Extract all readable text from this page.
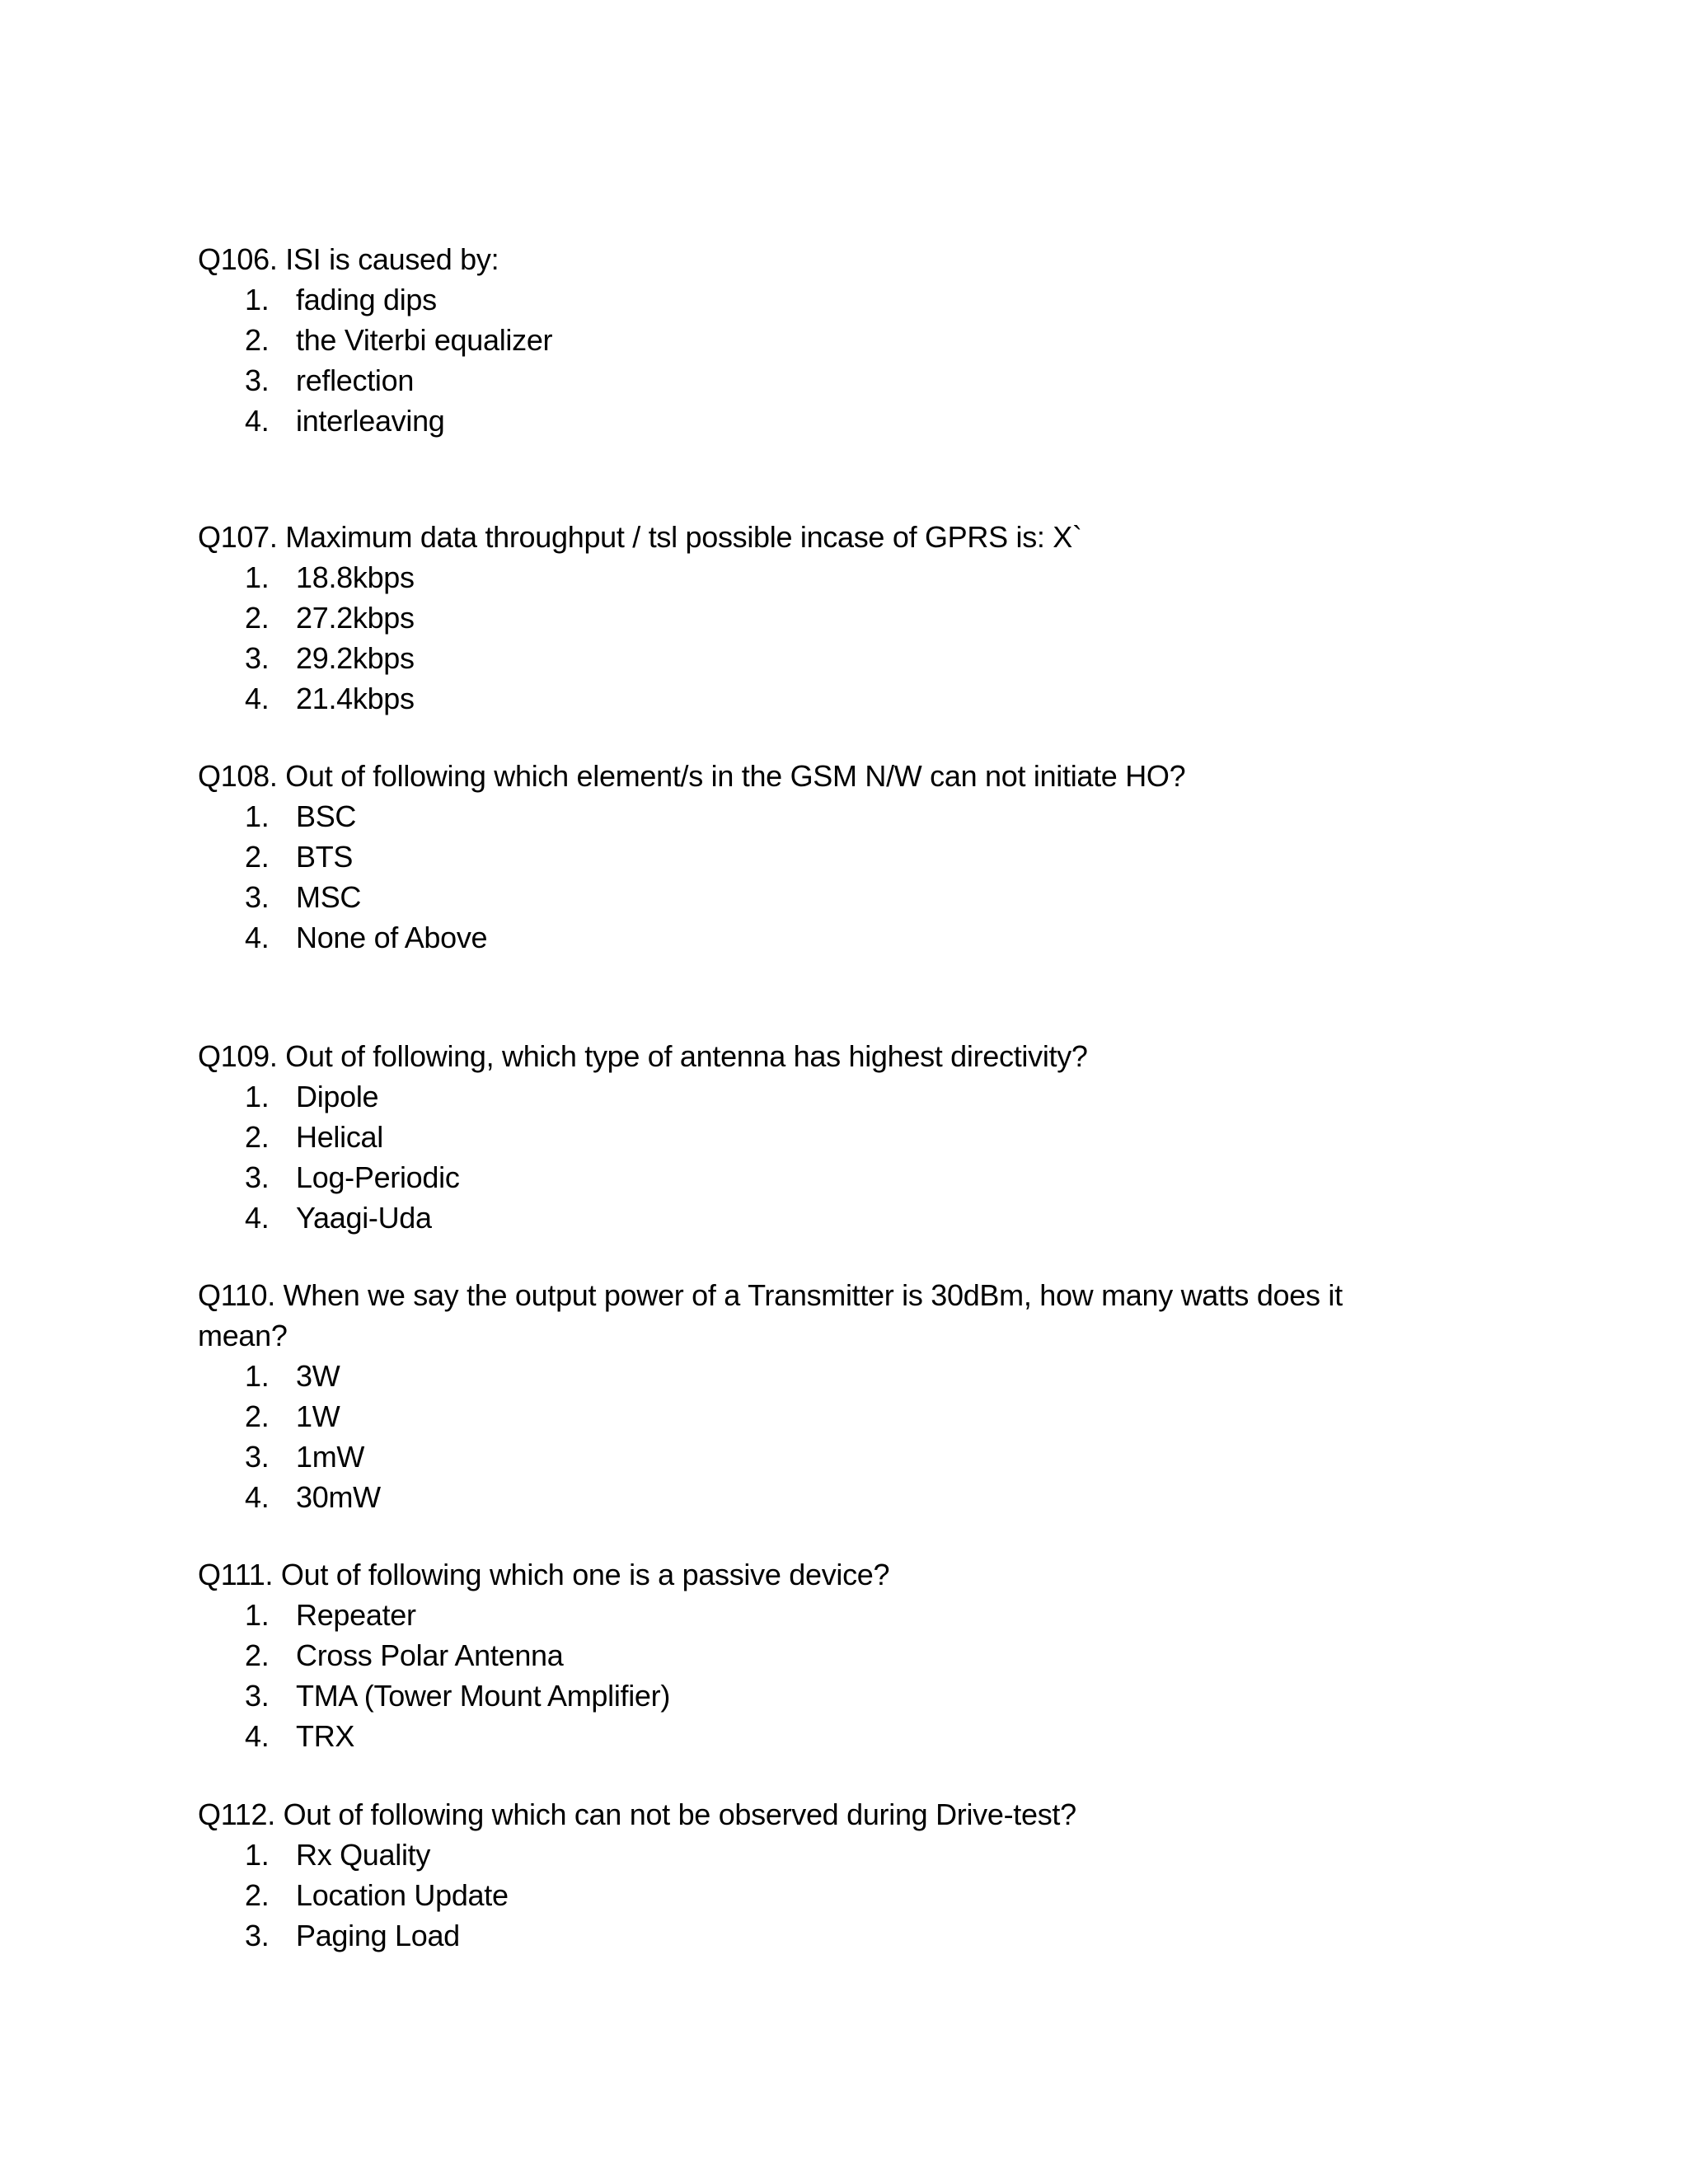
Q106. ISI is caused by:

1. fading dips
2. the Viterbi equalizer
3. reflection
4. interleaving

Q107. Maximum data throughput / tsl possible incase of GPRS is: X`

1. 18.8kbps
2. 27.2kbps
3. 29.2kbps
4. 21.4kbps

Q108. Out of following which element/s in the GSM N/W can not initiate HO?

1. BSC
2. BTS
3. MSC
4. None of Above

Q109. Out of following, which type of antenna has highest directivity?

1. Dipole
2. Helical
3. Log-Periodic
4. Yaagi-Uda

Q110. When we say the output power of a Transmitter is 30dBm, how many watts does it mean?

1. 3W
2. 1W
3. 1mW
4. 30mW

Q111. Out of following which one is a passive device?

1. Repeater
2. Cross Polar Antenna
3. TMA (Tower Mount Amplifier)
4. TRX

Q112. Out of following which can not be observed during Drive-test?

1. Rx Quality
2. Location Update
3. Paging Load
